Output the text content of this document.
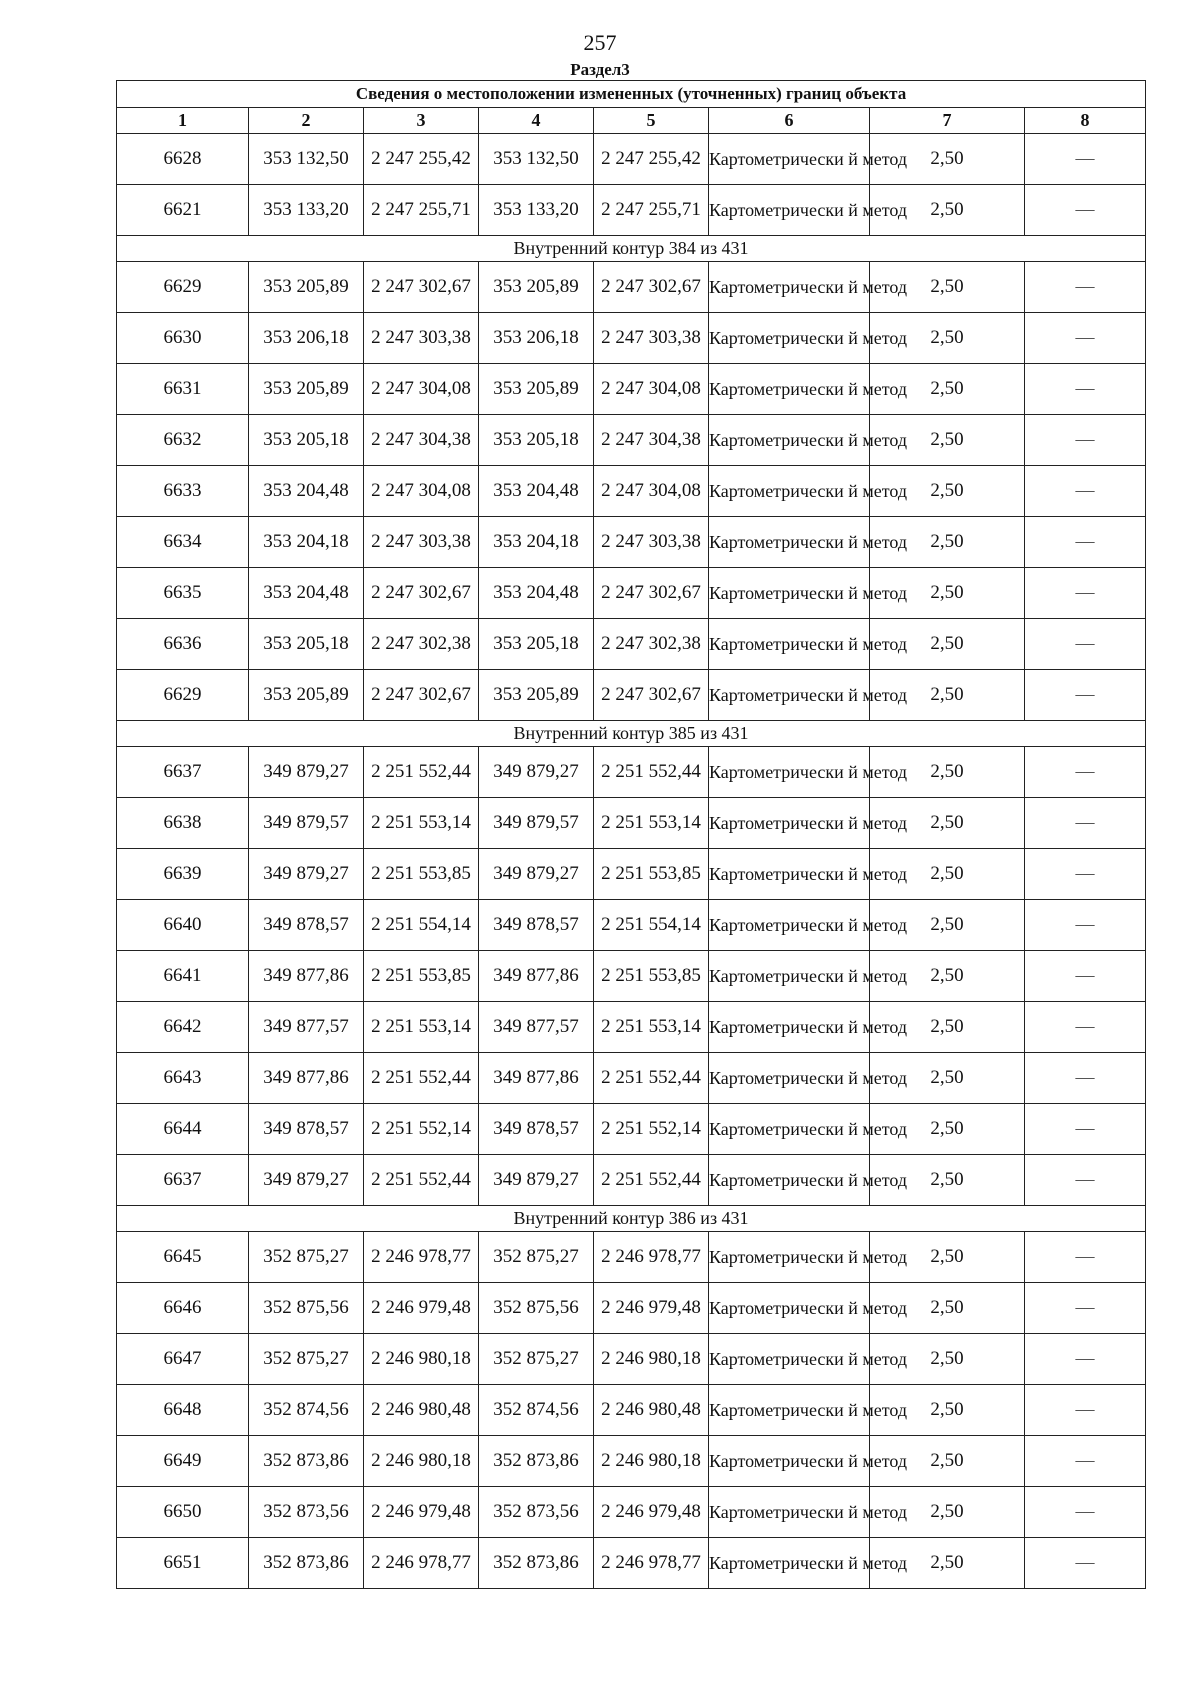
257
Раздел3
Сведения о местоположении измененных (уточненных) границ объекта							
1	2	3	4	5	6	7	8
6628	353 132,50	2 247 255,42	353 132,50	2 247 255,42	Картометрически й метод	2,50	—
6621	353 133,20	2 247 255,71	353 133,20	2 247 255,71	Картометрически й метод	2,50	—
Внутренний контур 384 из 431							
6629	353 205,89	2 247 302,67	353 205,89	2 247 302,67	Картометрически й метод	2,50	—
6630	353 206,18	2 247 303,38	353 206,18	2 247 303,38	Картометрически й метод	2,50	—
6631	353 205,89	2 247 304,08	353 205,89	2 247 304,08	Картометрически й метод	2,50	—
6632	353 205,18	2 247 304,38	353 205,18	2 247 304,38	Картометрически й метод	2,50	—
6633	353 204,48	2 247 304,08	353 204,48	2 247 304,08	Картометрически й метод	2,50	—
6634	353 204,18	2 247 303,38	353 204,18	2 247 303,38	Картометрически й метод	2,50	—
6635	353 204,48	2 247 302,67	353 204,48	2 247 302,67	Картометрически й метод	2,50	—
6636	353 205,18	2 247 302,38	353 205,18	2 247 302,38	Картометрически й метод	2,50	—
6629	353 205,89	2 247 302,67	353 205,89	2 247 302,67	Картометрически й метод	2,50	—
Внутренний контур 385 из 431							
6637	349 879,27	2 251 552,44	349 879,27	2 251 552,44	Картометрически й метод	2,50	—
6638	349 879,57	2 251 553,14	349 879,57	2 251 553,14	Картометрически й метод	2,50	—
6639	349 879,27	2 251 553,85	349 879,27	2 251 553,85	Картометрически й метод	2,50	—
6640	349 878,57	2 251 554,14	349 878,57	2 251 554,14	Картометрически й метод	2,50	—
6641	349 877,86	2 251 553,85	349 877,86	2 251 553,85	Картометрически й метод	2,50	—
6642	349 877,57	2 251 553,14	349 877,57	2 251 553,14	Картометрически й метод	2,50	—
6643	349 877,86	2 251 552,44	349 877,86	2 251 552,44	Картометрически й метод	2,50	—
6644	349 878,57	2 251 552,14	349 878,57	2 251 552,14	Картометрически й метод	2,50	—
6637	349 879,27	2 251 552,44	349 879,27	2 251 552,44	Картометрически й метод	2,50	—
Внутренний контур 386 из 431							
6645	352 875,27	2 246 978,77	352 875,27	2 246 978,77	Картометрически й метод	2,50	—
6646	352 875,56	2 246 979,48	352 875,56	2 246 979,48	Картометрически й метод	2,50	—
6647	352 875,27	2 246 980,18	352 875,27	2 246 980,18	Картометрически й метод	2,50	—
6648	352 874,56	2 246 980,48	352 874,56	2 246 980,48	Картометрически й метод	2,50	—
6649	352 873,86	2 246 980,18	352 873,86	2 246 980,18	Картометрически й метод	2,50	—
6650	352 873,56	2 246 979,48	352 873,56	2 246 979,48	Картометрически й метод	2,50	—
6651	352 873,86	2 246 978,77	352 873,86	2 246 978,77	Картометрически й метод	2,50	—
